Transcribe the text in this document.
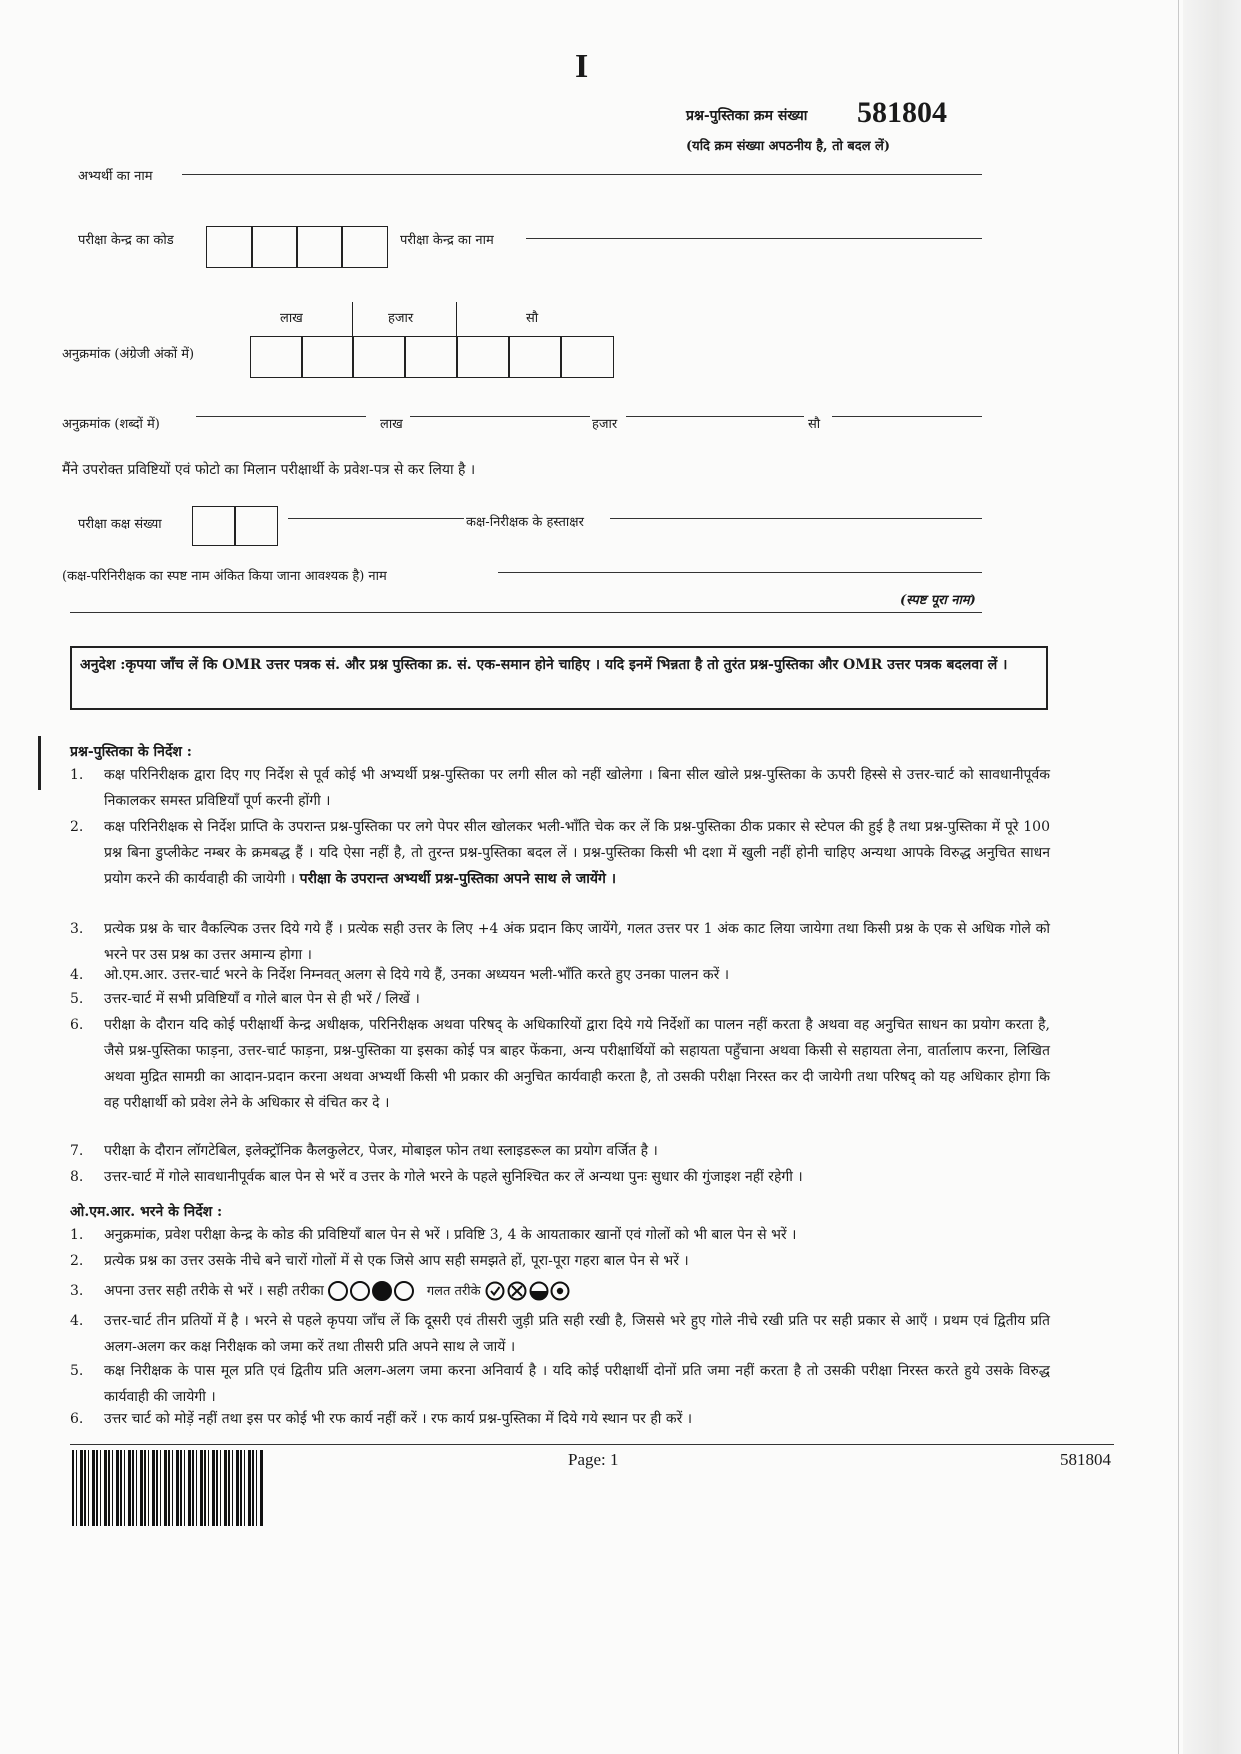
I
प्रश्न-पुस्तिका क्रम संख्या 581804
(यदि क्रम संख्या अपठनीय है, तो बदल लें)
अभ्यर्थी का नाम
परीक्षा केन्द्र का कोड	परीक्षा केन्द्र का नाम
लाख	हजार	सौ
अनुक्रमांक (अंग्रेजी अंकों में)
अनुक्रमांक (शब्दों में)	लाख	हजार	सौ
मैंने उपरोक्त प्रविष्टियों एवं फोटो का मिलान परीक्षार्थी के प्रवेश-पत्र से कर लिया है ।
परीक्षा कक्ष संख्या	कक्ष-निरीक्षक के हस्ताक्षर
(कक्ष-परिनिरीक्षक का स्पष्ट नाम अंकित किया जाना आवश्यक है) नाम
(स्पष्ट पूरा नाम)
अनुदेश :कृपया जाँच लें कि OMR उत्तर पत्रक सं. और प्रश्न पुस्तिका क्र. सं. एक-समान होने चाहिए । यदि इनमें भिन्नता है तो तुरंत प्रश्न-पुस्तिका और OMR उत्तर पत्रक बदलवा लें ।
प्रश्न-पुस्तिका के निर्देश :
1.	कक्ष परिनिरीक्षक द्वारा दिए गए निर्देश से पूर्व कोई भी अभ्यर्थी प्रश्न-पुस्तिका पर लगी सील को नहीं खोलेगा । बिना सील खोले प्रश्न-पुस्तिका के ऊपरी हिस्से से उत्तर-चार्ट को सावधानीपूर्वक निकालकर समस्त प्रविष्टियाँ पूर्ण करनी होंगी ।
2.	कक्ष परिनिरीक्षक से निर्देश प्राप्ति के उपरान्त प्रश्न-पुस्तिका पर लगे पेपर सील खोलकर भली-भाँति चेक कर लें कि प्रश्न-पुस्तिका ठीक प्रकार से स्टेपल की हुई है तथा प्रश्न-पुस्तिका में पूरे 100 प्रश्न बिना डुप्लीकेट नम्बर के क्रमबद्ध हैं । यदि ऐसा नहीं है, तो तुरन्त प्रश्न-पुस्तिका बदल लें । प्रश्न-पुस्तिका किसी भी दशा में खुली नहीं होनी चाहिए अन्यथा आपके विरुद्ध अनुचित साधन प्रयोग करने की कार्यवाही की जायेगी । परीक्षा के उपरान्त अभ्यर्थी प्रश्न-पुस्तिका अपने साथ ले जायेंगे ।
3.	प्रत्येक प्रश्न के चार वैकल्पिक उत्तर दिये गये हैं । प्रत्येक सही उत्तर के लिए +4 अंक प्रदान किए जायेंगे, गलत उत्तर पर 1 अंक काट लिया जायेगा तथा किसी प्रश्न के एक से अधिक गोले को भरने पर उस प्रश्न का उत्तर अमान्य होगा ।
4.	ओ.एम.आर. उत्तर-चार्ट भरने के निर्देश निम्नवत् अलग से दिये गये हैं, उनका अध्ययन भली-भाँति करते हुए उनका पालन करें ।
5.	उत्तर-चार्ट में सभी प्रविष्टियाँ व गोले बाल पेन से ही भरें / लिखें ।
6.	परीक्षा के दौरान यदि कोई परीक्षार्थी केन्द्र अधीक्षक, परिनिरीक्षक अथवा परिषद् के अधिकारियों द्वारा दिये गये निर्देशों का पालन नहीं करता है अथवा वह अनुचित साधन का प्रयोग करता है, जैसे प्रश्न-पुस्तिका फाड़ना, उत्तर-चार्ट फाड़ना, प्रश्न-पुस्तिका या इसका कोई पत्र बाहर फेंकना, अन्य परीक्षार्थियों को सहायता पहुँचाना अथवा किसी से सहायता लेना, वार्तालाप करना, लिखित अथवा मुद्रित सामग्री का आदान-प्रदान करना अथवा अभ्यर्थी किसी भी प्रकार की अनुचित कार्यवाही करता है, तो उसकी परीक्षा निरस्त कर दी जायेगी तथा परिषद् को यह अधिकार होगा कि वह परीक्षार्थी को प्रवेश लेने के अधिकार से वंचित कर दे ।
7.	परीक्षा के दौरान लॉगटेबिल, इलेक्ट्रॉनिक कैलकुलेटर, पेजर, मोबाइल फोन तथा स्लाइडरूल का प्रयोग वर्जित है ।
8.	उत्तर-चार्ट में गोले सावधानीपूर्वक बाल पेन से भरें व उत्तर के गोले भरने के पहले सुनिश्चित कर लें अन्यथा पुनः सुधार की गुंजाइश नहीं रहेगी ।
ओ.एम.आर. भरने के निर्देश :
1.	अनुक्रमांक, प्रवेश परीक्षा केन्द्र के कोड की प्रविष्टियाँ बाल पेन से भरें । प्रविष्टि 3, 4 के आयताकार खानों एवं गोलों को भी बाल पेन से भरें ।
2.	प्रत्येक प्रश्न का उत्तर उसके नीचे बने चारों गोलों में से एक जिसे आप सही समझते हों, पूरा-पूरा गहरा बाल पेन से भरें ।
3.	अपना उत्तर सही तरीके से भरें । सही तरीका	गलत तरीके
4.	उत्तर-चार्ट तीन प्रतियों में है । भरने से पहले कृपया जाँच लें कि दूसरी एवं तीसरी जुड़ी प्रति सही रखी है, जिससे भरे हुए गोले नीचे रखी प्रति पर सही प्रकार से आएँ । प्रथम एवं द्वितीय प्रति अलग-अलग कर कक्ष निरीक्षक को जमा करें तथा तीसरी प्रति अपने साथ ले जायें ।
5.	कक्ष निरीक्षक के पास मूल प्रति एवं द्वितीय प्रति अलग-अलग जमा करना अनिवार्य है । यदि कोई परीक्षार्थी दोनों प्रति जमा नहीं करता है तो उसकी परीक्षा निरस्त करते हुये उसके विरुद्ध कार्यवाही की जायेगी ।
6.	उत्तर चार्ट को मोड़ें नहीं तथा इस पर कोई भी रफ कार्य नहीं करें । रफ कार्य प्रश्न-पुस्तिका में दिये गये स्थान पर ही करें ।
Page: 1	581804
